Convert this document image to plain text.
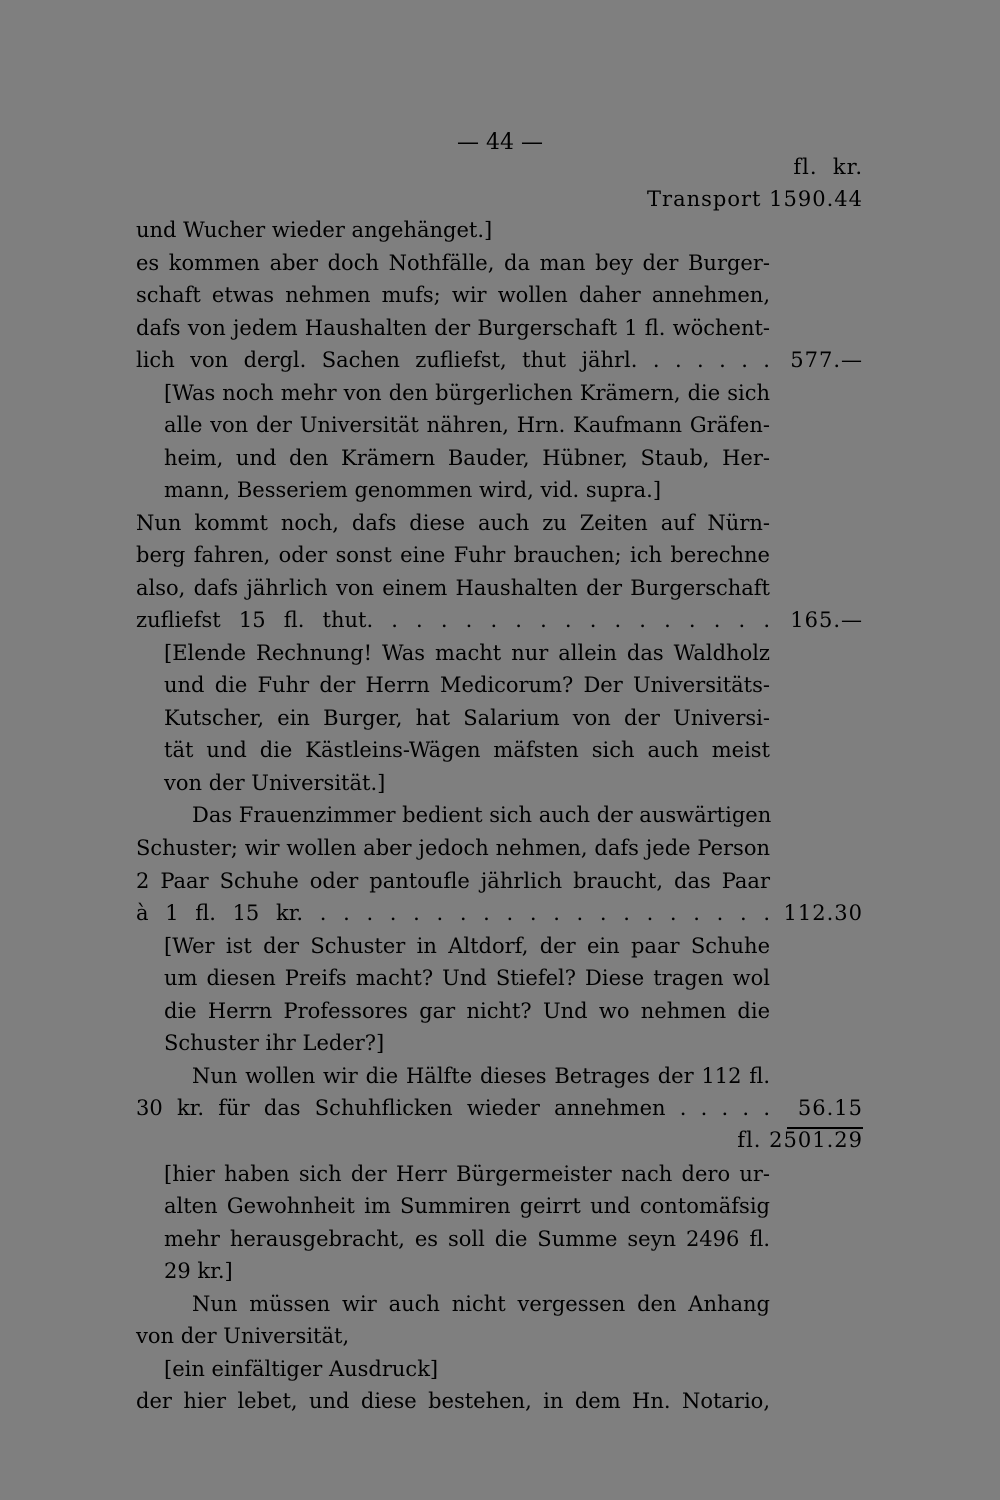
— 44 —
fl.  kr.
Transport 1590.44
und Wucher wieder angehänget.]
es kommen aber doch Nothfälle, da man bey der Burger-
schaft etwas nehmen mufs; wir wollen daher annehmen,
dafs von jedem Haushalten der Burgerschaft 1 fl. wöchent-
lich von dergl. Sachen zufliefst, thut jährl. . . . . . . 577.—
[Was noch mehr von den bürgerlichen Krämern, die sich
alle von der Universität nähren, Hrn. Kaufmann Gräfen-
heim, und den Krämern Bauder, Hübner, Staub, Her-
mann, Besseriem genommen wird, vid. supra.]
Nun kommt noch, dafs diese auch zu Zeiten auf Nürn-
berg fahren, oder sonst eine Fuhr brauchen; ich berechne
also, dafs jährlich von einem Haushalten der Burgerschaft
zufliefst 15 fl. thut. . . . . . . . . . . . . . . . . 165.—
[Elende Rechnung! Was macht nur allein das Waldholz
und die Fuhr der Herrn Medicorum? Der Universitäts-
Kutscher, ein Burger, hat Salarium von der Universi-
tät und die Kästleins-Wägen mäfsten sich auch meist
von der Universität.]
Das Frauenzimmer bedient sich auch der auswärtigen
Schuster; wir wollen aber jedoch nehmen, dafs jede Person
2 Paar Schuhe oder pantoufle jährlich braucht, das Paar
à 1 fl. 15 kr. . . . . . . . . . . . . . . . . . . . . 112.30
[Wer ist der Schuster in Altdorf, der ein paar Schuhe
um diesen Preifs macht? Und Stiefel? Diese tragen wol
die Herrn Professores gar nicht? Und wo nehmen die
Schuster ihr Leder?]
Nun wollen wir die Hälfte dieses Betrages der 112 fl.
30 kr. für das Schuhflicken wieder annehmen . . . . . 56.15
fl. 2501.29
[hier haben sich der Herr Bürgermeister nach dero ur-
alten Gewohnheit im Summiren geirrt und contomäfsig
mehr herausgebracht, es soll die Summe seyn 2496 fl.
29 kr.]
Nun müssen wir auch nicht vergessen den Anhang
von der Universität,
[ein einfältiger Ausdruck]
der hier lebet, und diese bestehen, in dem Hn. Notario,
